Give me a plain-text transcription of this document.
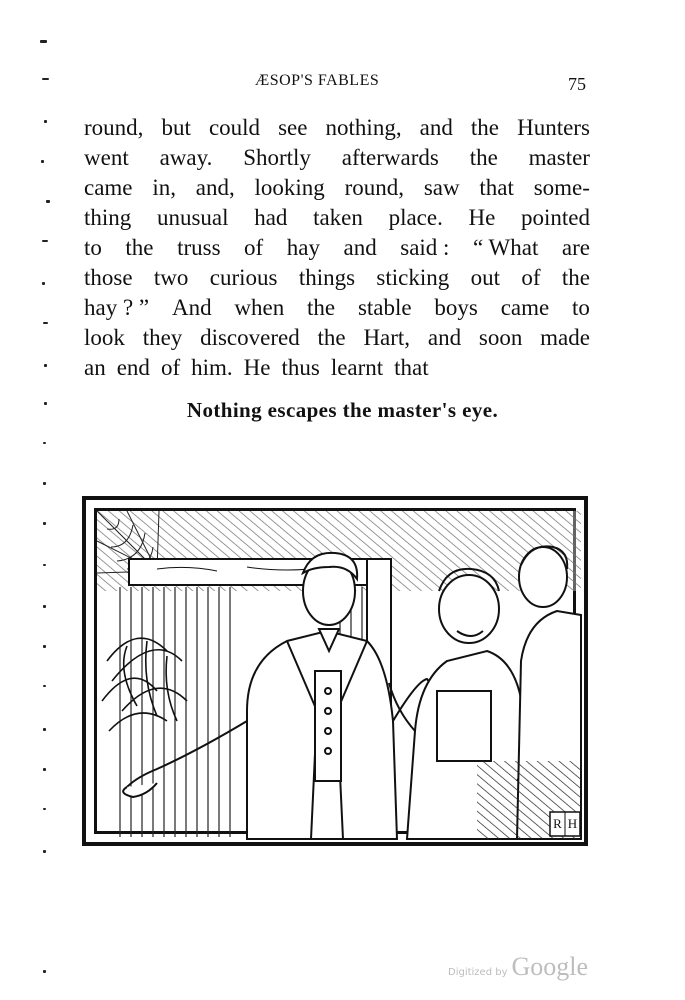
ÆSOP'S FABLES	75
round, but could see nothing, and the Hunters
went away. Shortly afterwards the master
came in, and, looking round, saw that some-
thing unusual had taken place. He pointed
to the truss of hay and said : “ What are
those two curious things sticking out of the
hay ? ” And when the stable boys came to
look they discovered the Hart, and soon made
an end of him. He thus learnt that
Nothing escapes the master's eye.
R H
Digitized by Google
